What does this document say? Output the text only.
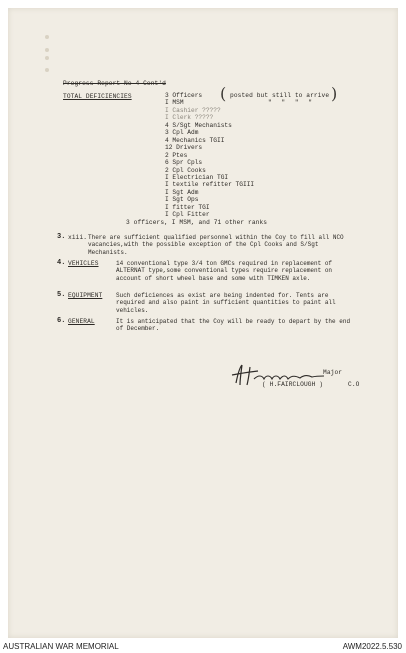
Progress Report No 4 Cont'd
TOTAL DEFICIENCIES	( posted but still to arrive
" " " " )
3 Officers
I MSM
I Cashier ?????
I Clerk ?????
4 S/Sgt Mechanists
3 Cpl Adm
4 Mechanics TGII
12 Drivers
2 Ptes
6 Spr Cpls
2 Cpl Cooks
I Electrician TGI
I textile refitter TGIII
I Sgt Adm
I Sgt Ops
I fitter TGI
I Cpl Fitter
3 officers, I MSM, and 71 other ranks
3. xiii. There are sufficient qualified personnel within the Coy to fill all NCO vacancies,with the possible exception of the Cpl Cooks and S/Sgt Mechanists.
4. VEHICLES	14 conventional type 3/4 ton GMCs required in replacement of ALTERNAT type,some conventional types require replacement on account of short wheel base and some with TIMKEN axle.
5. EQUIPMENT Such deficiences as exist are being indented for. Tents are required and also paint in sufficient quantities to paint all vehicles.
6. GENERAL	It is anticipated that the Coy will be ready to depart by the end of December.
Major
( H.FAIRCLOUGH )	C.O
AUSTRALIAN WAR MEMORIAL	AWM2022.5.530
